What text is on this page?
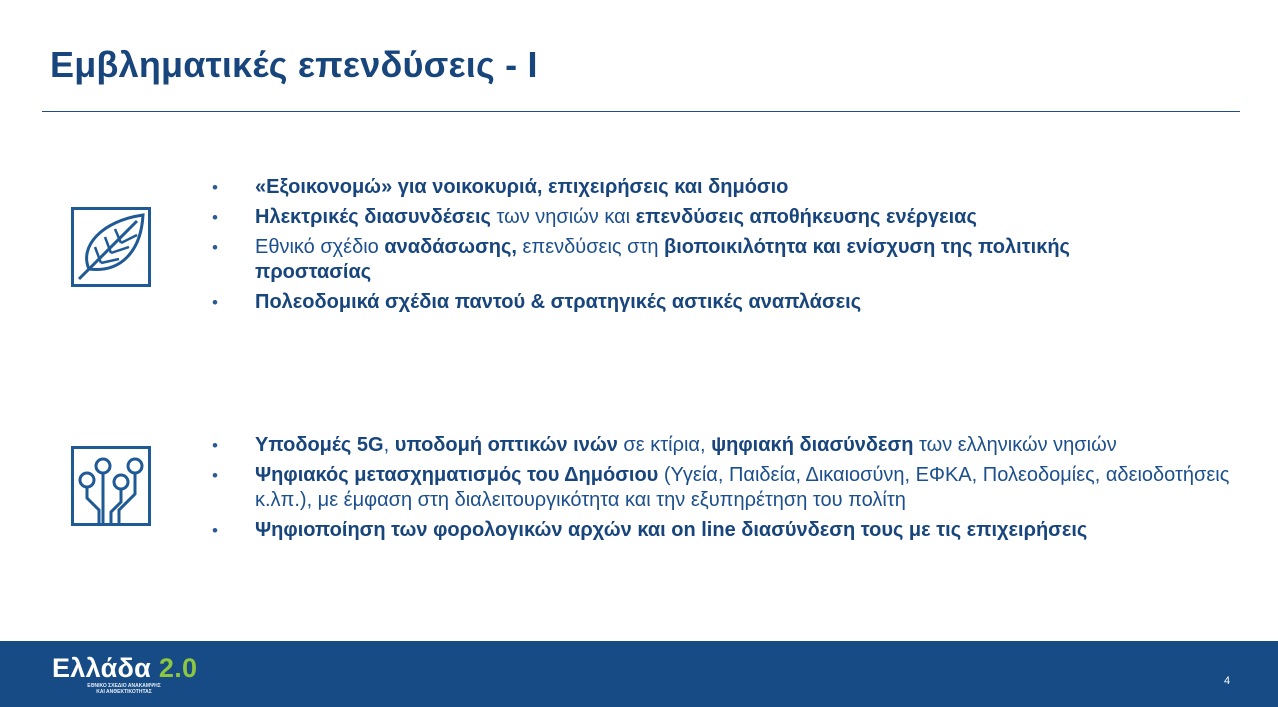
Εμβληματικές επενδύσεις - Ι
• «Εξοικονομώ» για νοικοκυριά, επιχειρήσεις και δημόσιο
• Ηλεκτρικές διασυνδέσεις των νησιών και επενδύσεις αποθήκευσης ενέργειας
• Εθνικό σχέδιο αναδάσωσης, επενδύσεις στη βιοποικιλότητα και ενίσχυση της πολιτικής προστασίας
• Πολεοδομικά σχέδια παντού & στρατηγικές αστικές αναπλάσεις
• Υποδομές 5G, υποδομή οπτικών ινών σε κτίρια, ψηφιακή διασύνδεση των ελληνικών νησιών
• Ψηφιακός μετασχηματισμός του Δημόσιου (Υγεία, Παιδεία, Δικαιοσύνη, ΕΦΚΑ, Πολεοδομίες, αδειοδοτήσεις κ.λπ.), με έμφαση στη διαλειτουργικότητα και την εξυπηρέτηση του πολίτη
• Ψηφιοποίηση των φορολογικών αρχών και on line διασύνδεση τους με τις επιχειρήσεις
Ελλάδα 2.0
ΕΘΝΙΚΟ ΣΧΕΔΙΟ ΑΝΑΚΑΜΨΗΣ
ΚΑΙ ΑΝΘΕΚΤΙΚΟΤΗΤΑΣ
4
